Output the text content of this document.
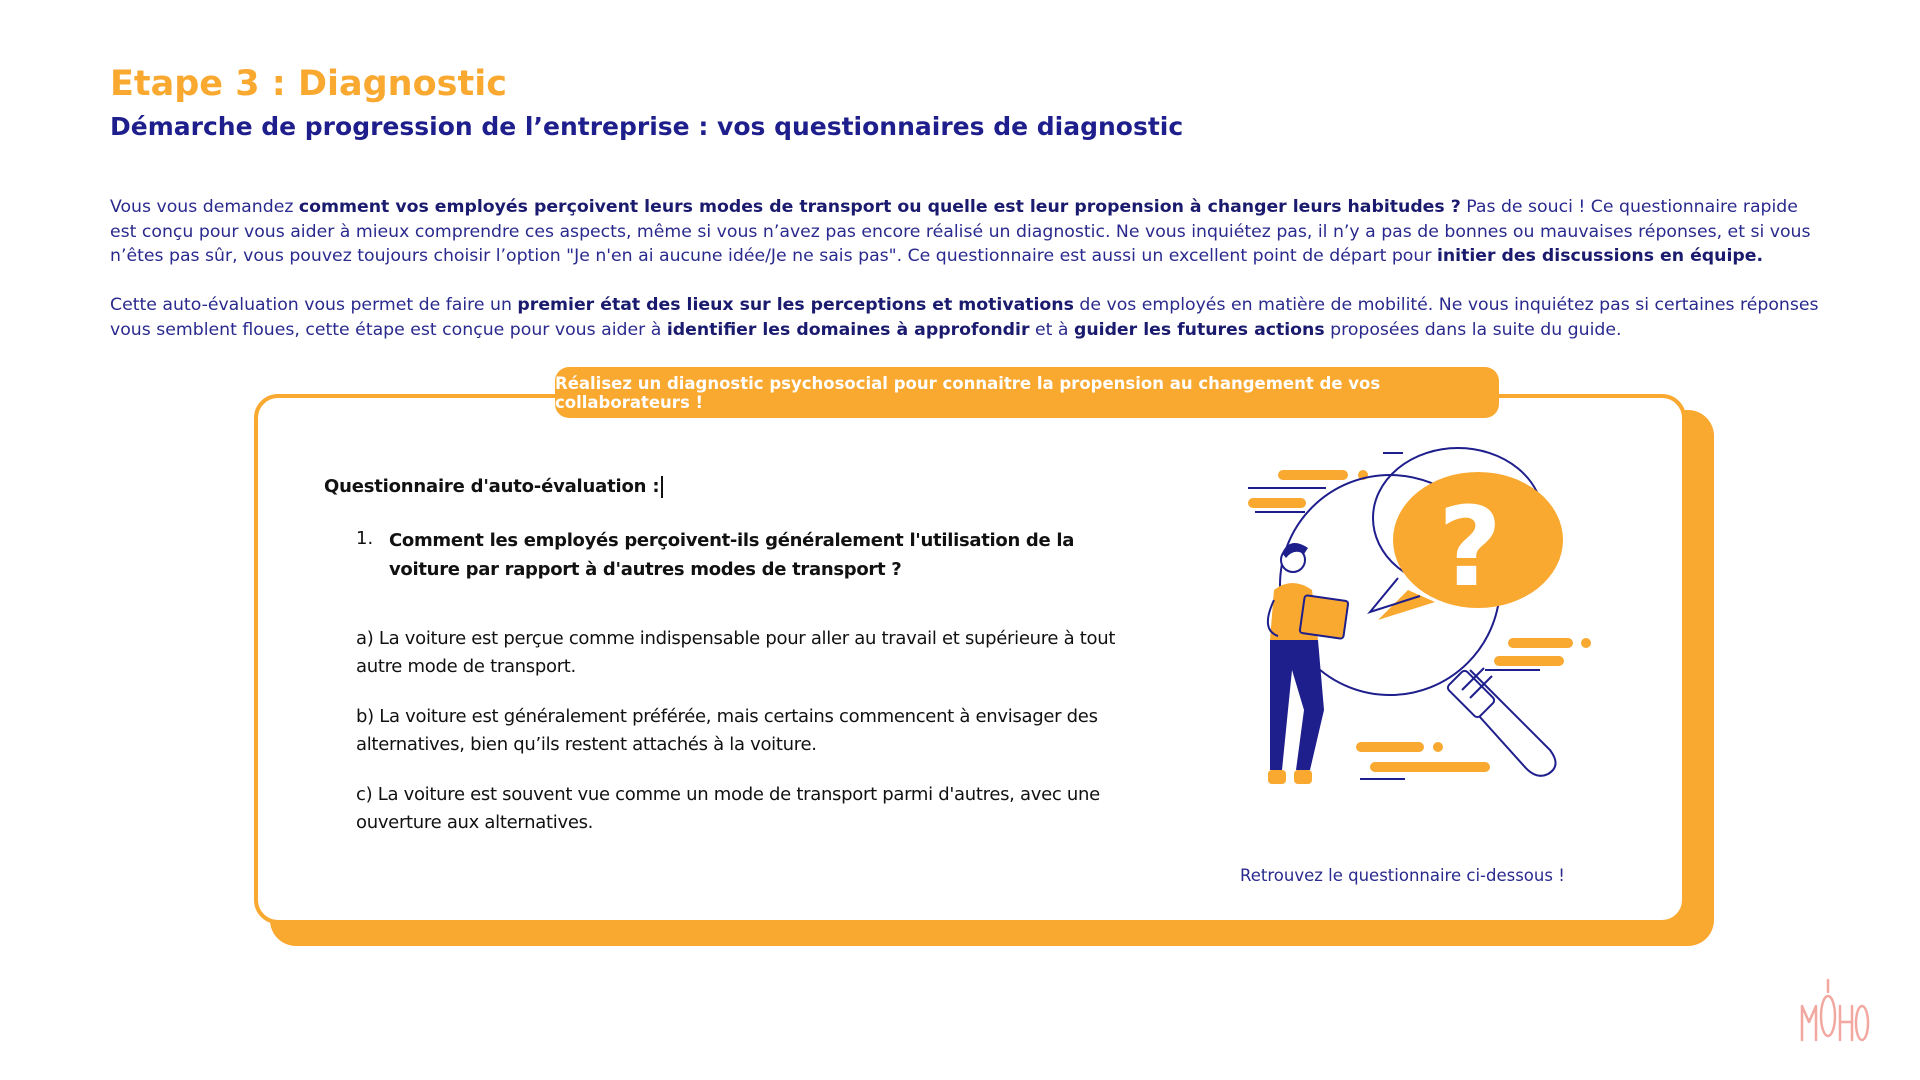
Etape 3 : Diagnostic
Démarche de progression de l’entreprise : vos questionnaires de diagnostic

Vous vous demandez comment vos employés perçoivent leurs modes de transport ou quelle est leur propension à changer leurs habitudes ? Pas de souci ! Ce questionnaire rapide est conçu pour vous aider à mieux comprendre ces aspects, même si vous n’avez pas encore réalisé un diagnostic. Ne vous inquiétez pas, il n’y a pas de bonnes ou mauvaises réponses, et si vous n’êtes pas sûr, vous pouvez toujours choisir l’option "Je n'en ai aucune idée/Je ne sais pas". Ce questionnaire est aussi un excellent point de départ pour initier des discussions en équipe.

Cette auto-évaluation vous permet de faire un premier état des lieux sur les perceptions et motivations de vos employés en matière de mobilité. Ne vous inquiétez pas si certaines réponses vous semblent floues, cette étape est conçue pour vous aider à identifier les domaines à approfondir et à guider les futures actions proposées dans la suite du guide.

Réalisez un diagnostic psychosocial pour connaitre la propension au changement de vos collaborateurs !

Questionnaire d'auto-évaluation :

1. Comment les employés perçoivent-ils généralement l'utilisation de la voiture par rapport à d'autres modes de transport ?

a) La voiture est perçue comme indispensable pour aller au travail et supérieure à tout autre mode de transport.

b) La voiture est généralement préférée, mais certains commencent à envisager des alternatives, bien qu’ils restent attachés à la voiture.

c) La voiture est souvent vue comme un mode de transport parmi d'autres, avec une ouverture aux alternatives.

?
Retrouvez le questionnaire ci-dessous !
